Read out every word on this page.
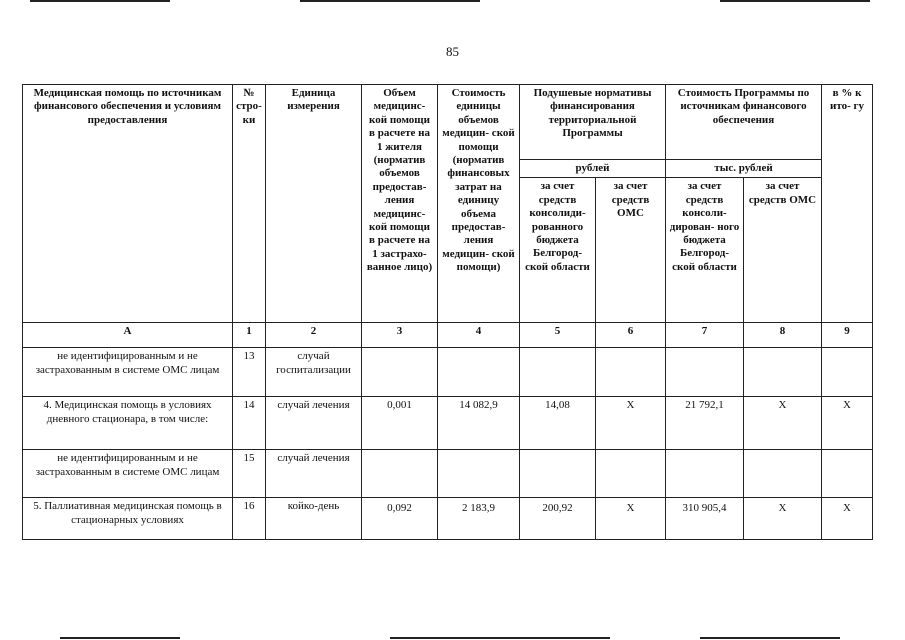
85
Медицинская помощь по источникам финансового обеспечения и условиям предоставления	№ стро- ки	Единица измерения	Объем медицинс- кой помощи в расчете на 1 жителя (норматив объемов предостав- ления медицинс- кой помощи в расчете на 1 застрахо- ванное лицо)	Стоимость единицы объемов медицин- ской помощи (норматив финансовых затрат на единицу объема предостав- ления медицин- ской помощи)	Подушевые нормативы финансирования территориальной Программы		Стоимость Программы по источникам финансового обеспечения		в % к ито- гу
					рублей		тыс. рублей		
					за счет средств консолиди- рованного бюджета Белгород- ской области	за счет средств ОМС	за счет средств консоли- дирован- ного бюджета Белгород- ской области	за счет средств ОМС	
А	1	2	3	4	5	6	7	8	9
не идентифицированным и не застрахованным в системе ОМС лицам	13	случай госпитализации							
4. Медицинская помощь в условиях дневного стационара, в том числе:	14	случай лечения	0,001	14 082,9	14,08	X	21 792,1	X	X
не идентифицированным и не застрахованным в системе ОМС лицам	15	случай лечения							
5. Паллиативная медицинская помощь в стационарных условиях	16	койко-день	0,092	2 183,9	200,92	X	310 905,4	X	X
